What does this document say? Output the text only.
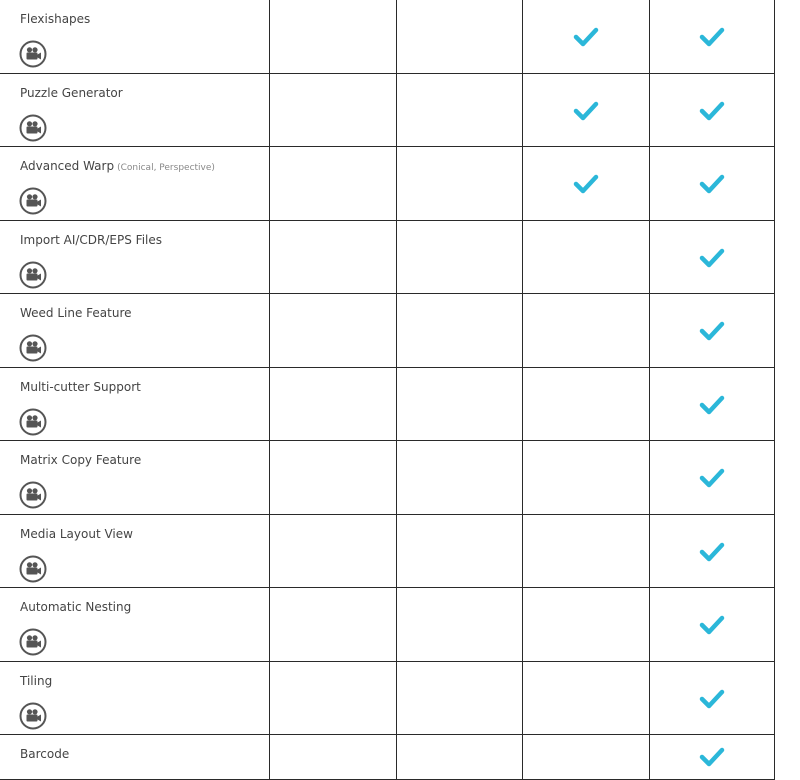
Flexishapes
Puzzle Generator
Advanced Warp (Conical, Perspective)
Import AI/CDR/EPS Files
Weed Line Feature
Multi-cutter Support
Matrix Copy Feature
Media Layout View
Automatic Nesting
Tiling
Barcode
